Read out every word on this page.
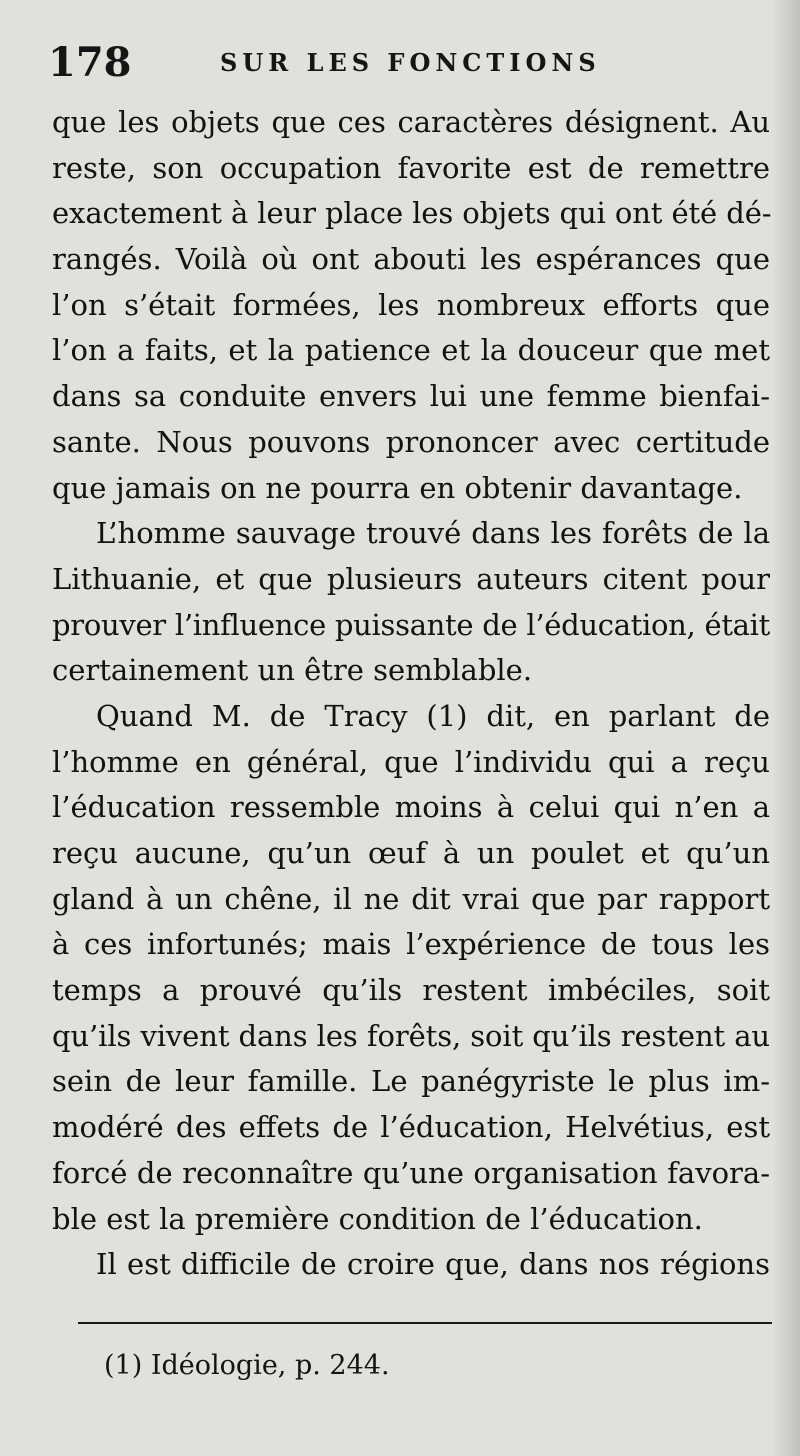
178	SUR LES FONCTIONS
que les objets que ces caractères désignent. Au
reste, son occupation favorite est de remettre
exactement à leur place les objets qui ont été dé-
rangés. Voilà où ont abouti les espérances que
l’on s’était formées, les nombreux efforts que
l’on a faits, et la patience et la douceur que met
dans sa conduite envers lui une femme bienfai-
sante. Nous pouvons prononcer avec certitude
que jamais on ne pourra en obtenir davantage.
L’homme sauvage trouvé dans les forêts de la
Lithuanie, et que plusieurs auteurs citent pour
prouver l’influence puissante de l’éducation, était
certainement un être semblable.
Quand M. de Tracy (1) dit, en parlant de
l’homme en général, que l’individu qui a reçu
l’éducation ressemble moins à celui qui n’en a
reçu aucune, qu’un œuf à un poulet et qu’un
gland à un chêne, il ne dit vrai que par rapport
à ces infortunés; mais l’expérience de tous les
temps a prouvé qu’ils restent imbéciles, soit
qu’ils vivent dans les forêts, soit qu’ils restent au
sein de leur famille. Le panégyriste le plus im-
modéré des effets de l’éducation, Helvétius, est
forcé de reconnaître qu’une organisation favora-
ble est la première condition de l’éducation.
Il est difficile de croire que, dans nos régions
(1) Idéologie, p. 244.
